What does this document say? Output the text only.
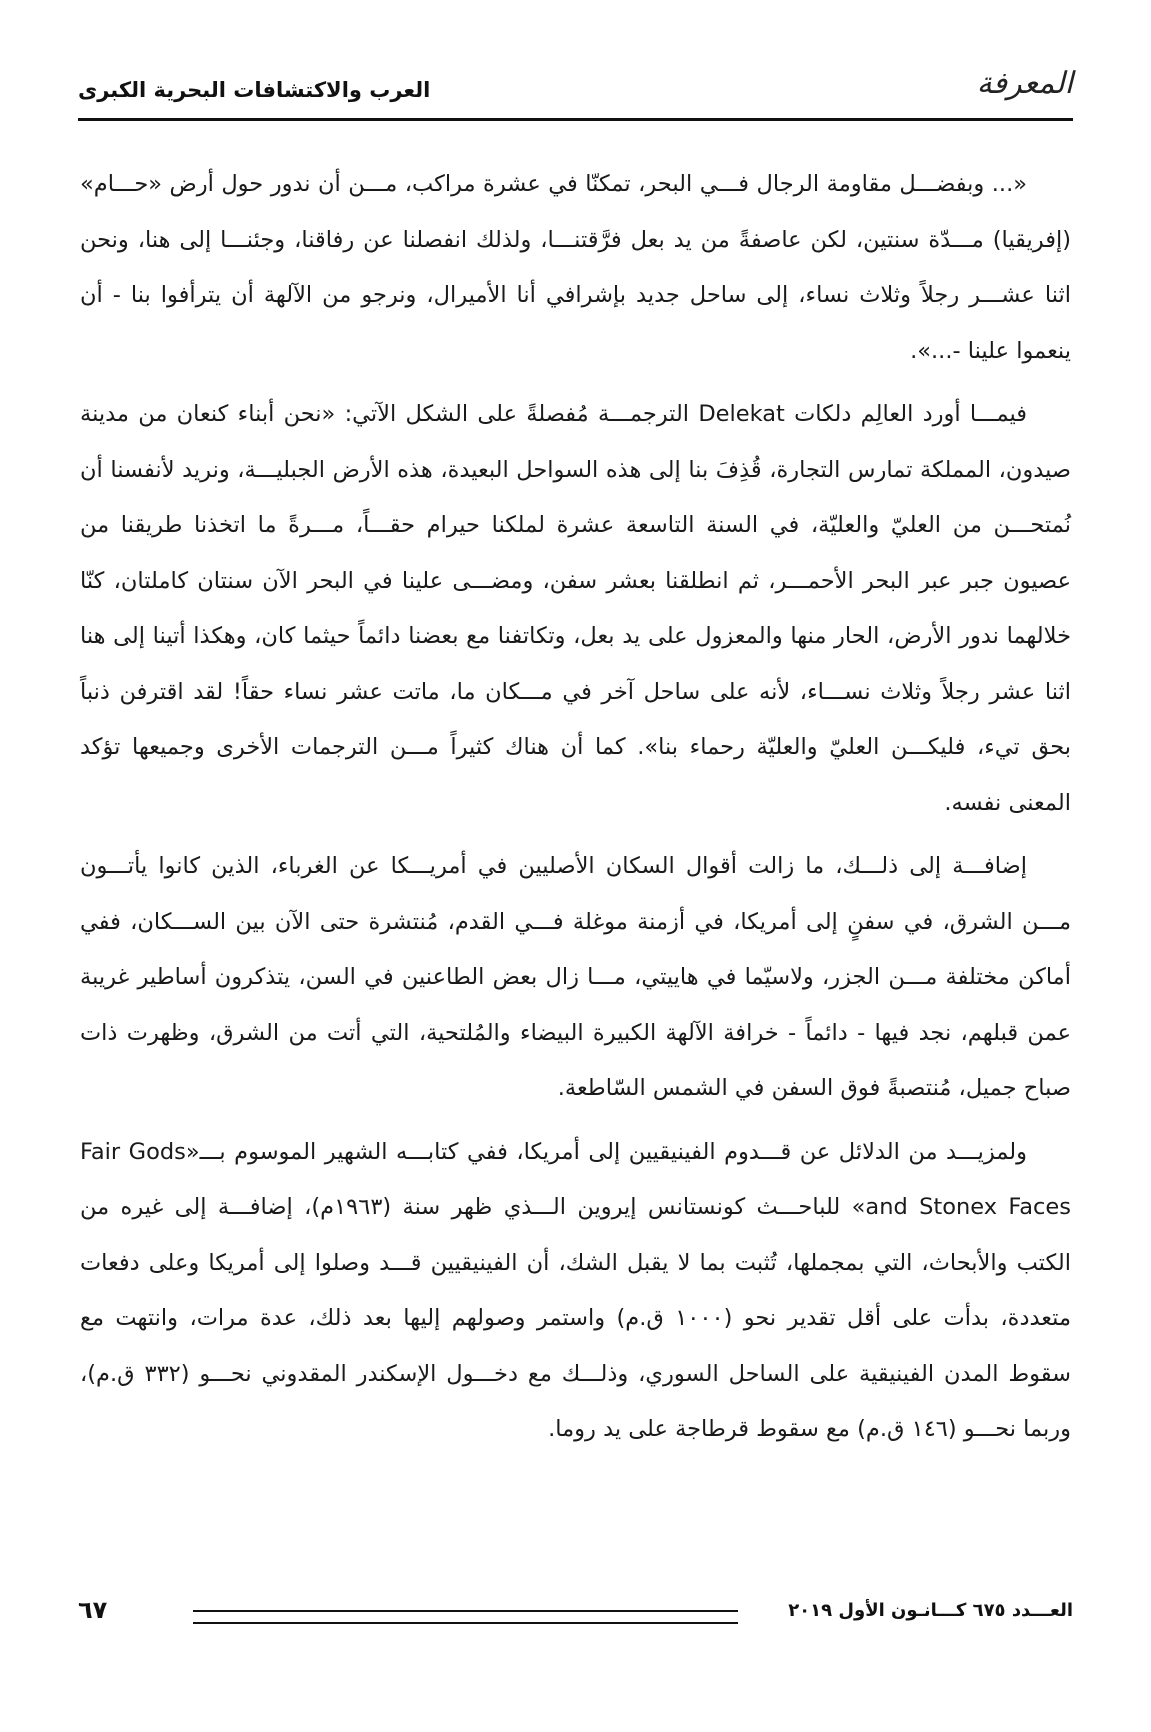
المعرفة
العرب والاكتشافات البحرية الكبرى

«... وبفضـــل مقاومة الرجال فـــي البحر، تمكنّا في عشرة مراكب، مـــن أن ندور حول أرض «حـــام» (إفريقيا) مـــدّة سنتين، لكن عاصفةً من يد بعل فرَّقتنـــا، ولذلك انفصلنا عن رفاقنا، وجئنـــا إلى هنا، ونحن اثنا عشـــر رجلاً وثلاث نساء، إلى ساحل جديد بإشرافي أنا الأميرال، ونرجو من الآلهة أن يترأفوا بنا - أن ينعموا علينا -...».

فيمـــا أورد العالِم دلكات Delekat الترجمـــة مُفصلةً على الشكل الآتي: «نحن أبناء كنعان من مدينة صيدون، المملكة تمارس التجارة، قُذِفَ بنا إلى هذه السواحل البعيدة، هذه الأرض الجبليـــة، ونريد لأنفسنا أن نُمتحـــن من العليّ والعليّة، في السنة التاسعة عشرة لملكنا حيرام حقـــاً، مـــرةً ما اتخذنا طريقنا من عصيون جبر عبر البحر الأحمـــر، ثم انطلقنا بعشر سفن، ومضـــى علينا في البحر الآن سنتان كاملتان، كنّا خلالهما ندور الأرض، الحار منها والمعزول على يد بعل، وتكاتفنا مع بعضنا دائماً حيثما كان، وهكذا أتينا إلى هنا اثنا عشر رجلاً وثلاث نســـاء، لأنه على ساحل آخر في مـــكان ما، ماتت عشر نساء حقاً! لقد اقترفن ذنباً بحق تيء، فليكـــن العليّ والعليّة رحماء بنا». كما أن هناك كثيراً مـــن الترجمات الأخرى وجميعها تؤكد المعنى نفسه.

إضافـــة إلى ذلـــك، ما زالت أقوال السكان الأصليين في أمريـــكا عن الغرباء، الذين كانوا يأتـــون مـــن الشرق، في سفنٍ إلى أمريكا، في أزمنة موغلة فـــي القدم، مُنتشرة حتى الآن بين الســـكان، ففي أماكن مختلفة مـــن الجزر، ولاسيّما في هاييتي، مـــا زال بعض الطاعنين في السن، يتذكرون أساطير غريبة عمن قبلهم، نجد فيها - دائماً - خرافة الآلهة الكبيرة البيضاء والمُلتحية، التي أتت من الشرق، وظهرت ذات صباح جميل، مُنتصبةً فوق السفن في الشمس السّاطعة.

ولمزيـــد من الدلائل عن قـــدوم الفينيقيين إلى أمريكا، ففي كتابـــه الشهير الموسوم بـــ«Fair Gods and Stonex Faces» للباحـــث كونستانس إيروين الـــذي ظهر سنة (١٩٦٣م)، إضافـــة إلى غيره من الكتب والأبحاث، التي بمجملها، تُثبت بما لا يقبل الشك، أن الفينيقيين قـــد وصلوا إلى أمريكا وعلى دفعات متعددة، بدأت على أقل تقدير نحو (١٠٠٠ ق.م) واستمر وصولهم إليها بعد ذلك، عدة مرات، وانتهت مع سقوط المدن الفينيقية على الساحل السوري، وذلـــك مع دخـــول الإسكندر المقدوني نحـــو (٣٣٢ ق.م)، وربما نحـــو (١٤٦ ق.م) مع سقوط قرطاجة على يد روما.

العـــدد ٦٧٥ كـــانـون الأول ٢٠١٩
٦٧
